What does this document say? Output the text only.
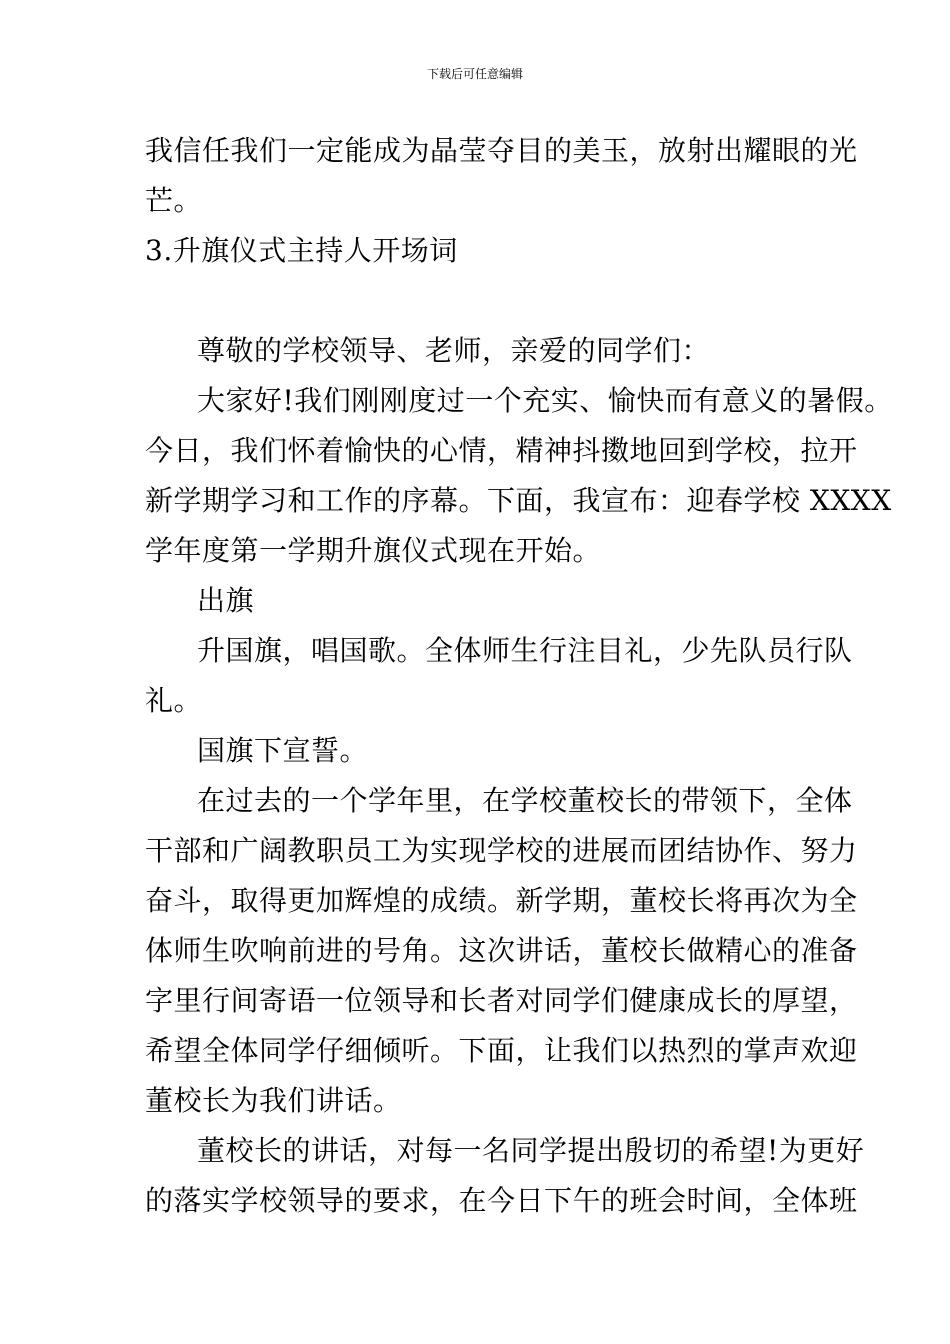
下载后可任意编辑
我信任我们一定能成为晶莹夺目的美玉，放射出耀眼的光
芒。
3.升旗仪式主持人开场词
尊敬的学校领导、老师，亲爱的同学们：
大家好!我们刚刚度过一个充实、愉快而有意义的暑假。
今日，我们怀着愉快的心情，精神抖擞地回到学校，拉开
新学期学习和工作的序幕。下面，我宣布：迎春学校 XXXX
学年度第一学期升旗仪式现在开始。
出旗
升国旗，唱国歌。全体师生行注目礼，少先队员行队
礼。
国旗下宣誓。
在过去的一个学年里，在学校董校长的带领下，全体
干部和广阔教职员工为实现学校的进展而团结协作、努力
奋斗，取得更加辉煌的成绩。新学期，董校长将再次为全
体师生吹响前进的号角。这次讲话，董校长做精心的准备
字里行间寄语一位领导和长者对同学们健康成长的厚望，
希望全体同学仔细倾听。下面，让我们以热烈的掌声欢迎
董校长为我们讲话。
董校长的讲话，对每一名同学提出殷切的希望!为更好
的落实学校领导的要求，在今日下午的班会时间，全体班
